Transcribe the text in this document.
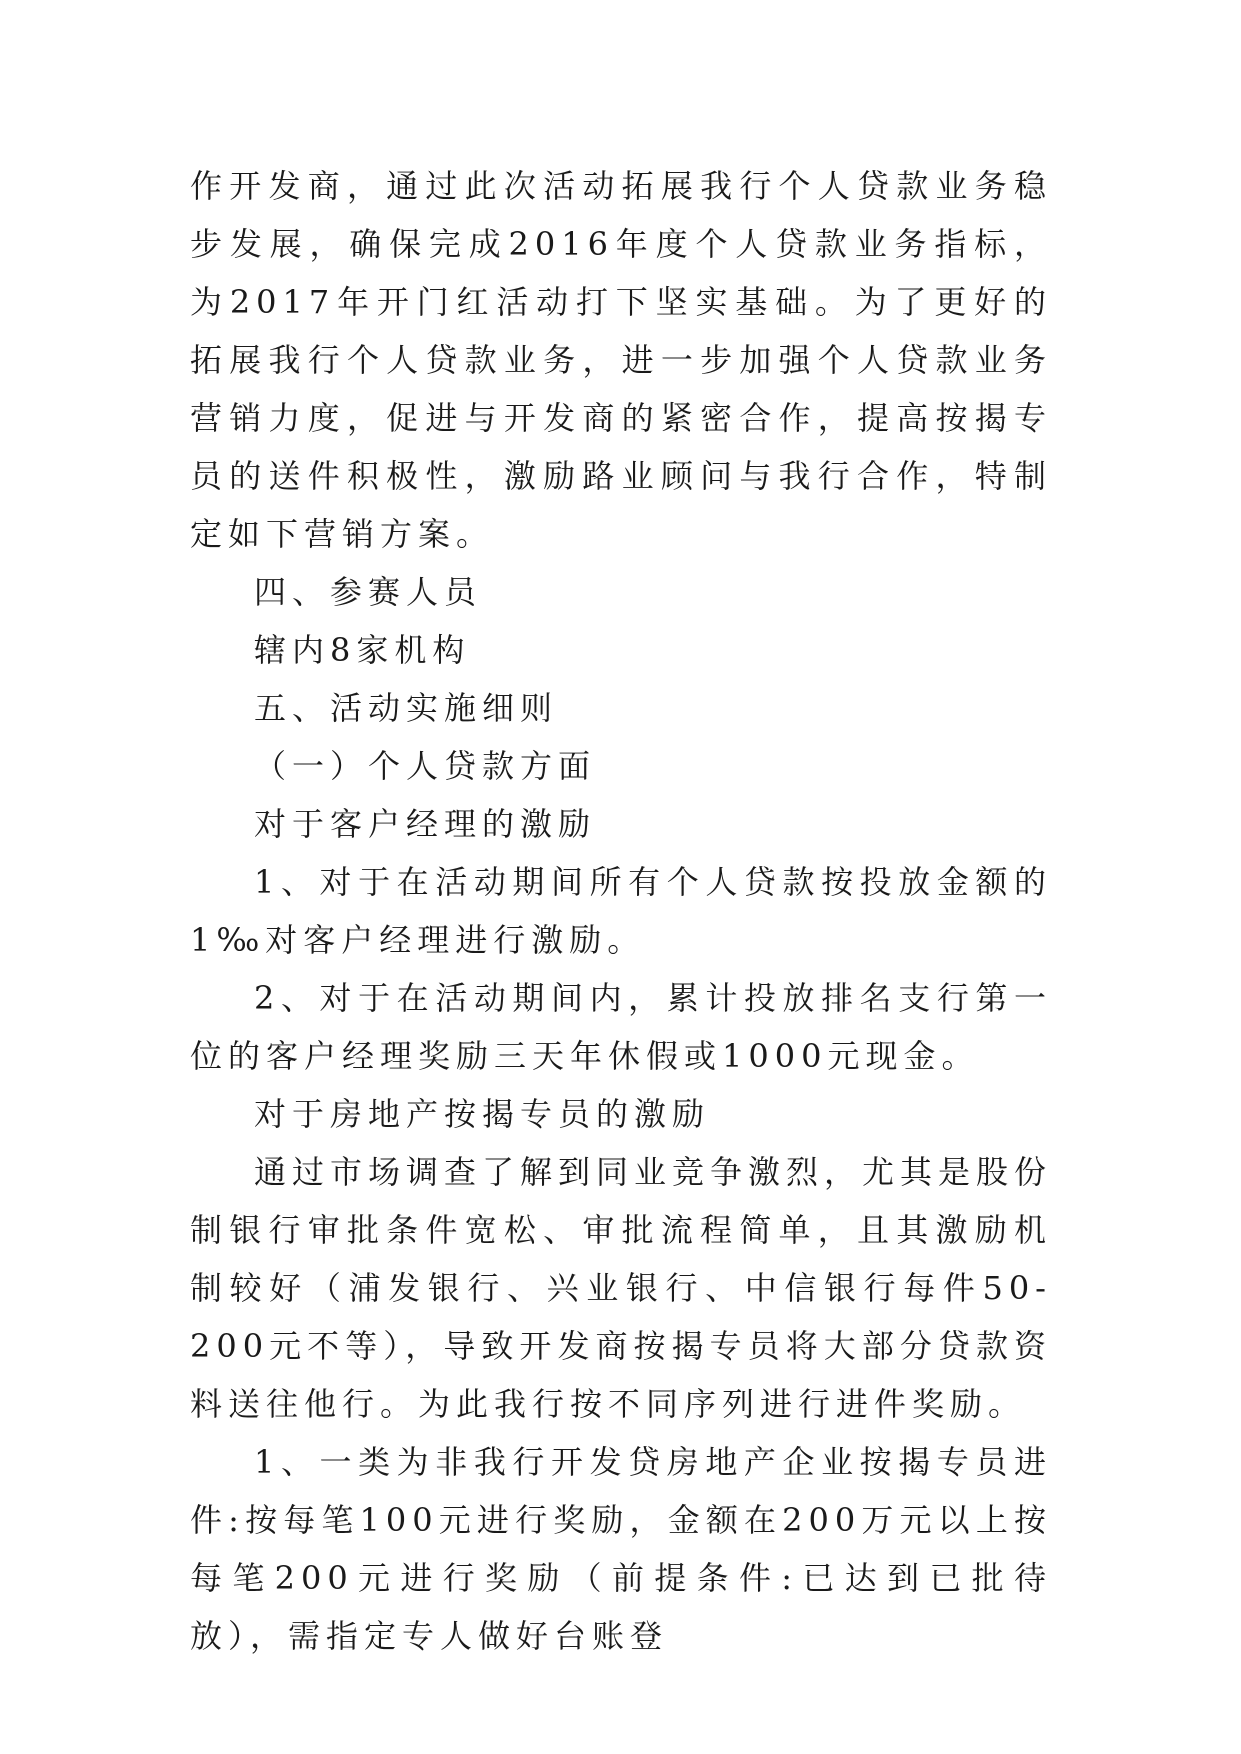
作开发商，通过此次活动拓展我行个人贷款业务稳步发展，确保完成2016年度个人贷款业务指标，为2017年开门红活动打下坚实基础。为了更好的拓展我行个人贷款业务，进一步加强个人贷款业务营销力度，促进与开发商的紧密合作，提高按揭专员的送件积极性，激励路业顾问与我行合作，特制定如下营销方案。

四、参赛人员

辖内8家机构

五、活动实施细则

（一）个人贷款方面

对于客户经理的激励

1、对于在活动期间所有个人贷款按投放金额的1‰对客户经理进行激励。

2、对于在活动期间内，累计投放排名支行第一位的客户经理奖励三天年休假或1000元现金。

对于房地产按揭专员的激励

通过市场调查了解到同业竞争激烈，尤其是股份制银行审批条件宽松、审批流程简单，且其激励机制较好（浦发银行、兴业银行、中信银行每件50-200元不等），导致开发商按揭专员将大部分贷款资料送往他行。为此我行按不同序列进行进件奖励。

1、一类为非我行开发贷房地产企业按揭专员进件:按每笔100元进行奖励，金额在200万元以上按每笔200元进行奖励（前提条件:已达到已批待放），需指定专人做好台账登
